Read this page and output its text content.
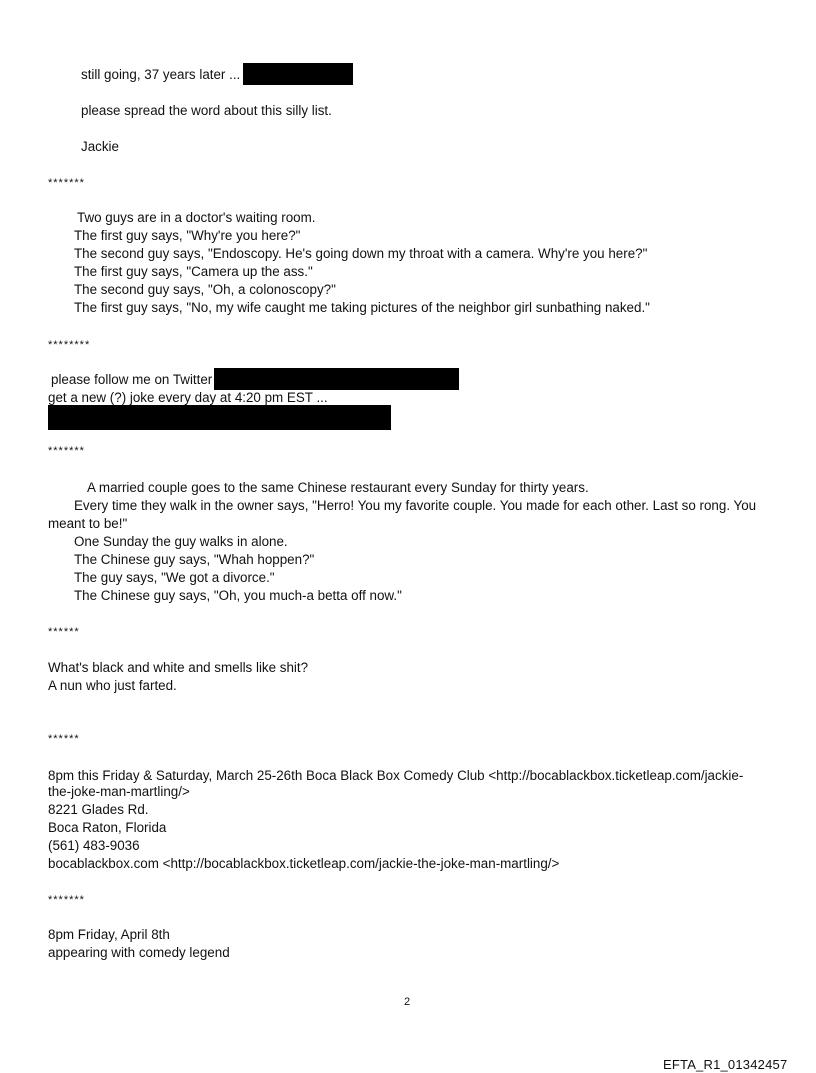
still going, 37 years later ...
please spread the word about this silly list.
Jackie
*******
Two guys are in a doctor's waiting room.
The first guy says, "Why're you here?"
The second guy says, "Endoscopy. He's going down my throat with a camera. Why're you here?"
The first guy says, "Camera up the ass."
The second guy says, "Oh, a colonoscopy?"
The first guy says, "No, my wife caught me taking pictures of the neighbor girl sunbathing naked."
********
please follow me on Twitter
get a new (?) joke every day at 4:20 pm EST ...
*******
A married couple goes to the same Chinese restaurant every Sunday for thirty years.
Every time they walk in the owner says, "Herro! You my favorite couple. You made for each other. Last so rong. You
meant to be!"
One Sunday the guy walks in alone.
The Chinese guy says, "Whah hoppen?"
The guy says, "We got a divorce."
The Chinese guy says, "Oh, you much-a betta off now."
******
What's black and white and smells like shit?
A nun who just farted.
******
8pm this Friday & Saturday, March 25-26th Boca Black Box Comedy Club <http://bocablackbox.ticketleap.com/jackie-
the-joke-man-martling/>
8221 Glades Rd.
Boca Raton, Florida
(561) 483-9036
bocablackbox.com <http://bocablackbox.ticketleap.com/jackie-the-joke-man-martling/>
*******
8pm Friday, April 8th
appearing with comedy legend
2
EFTA_R1_01342457
